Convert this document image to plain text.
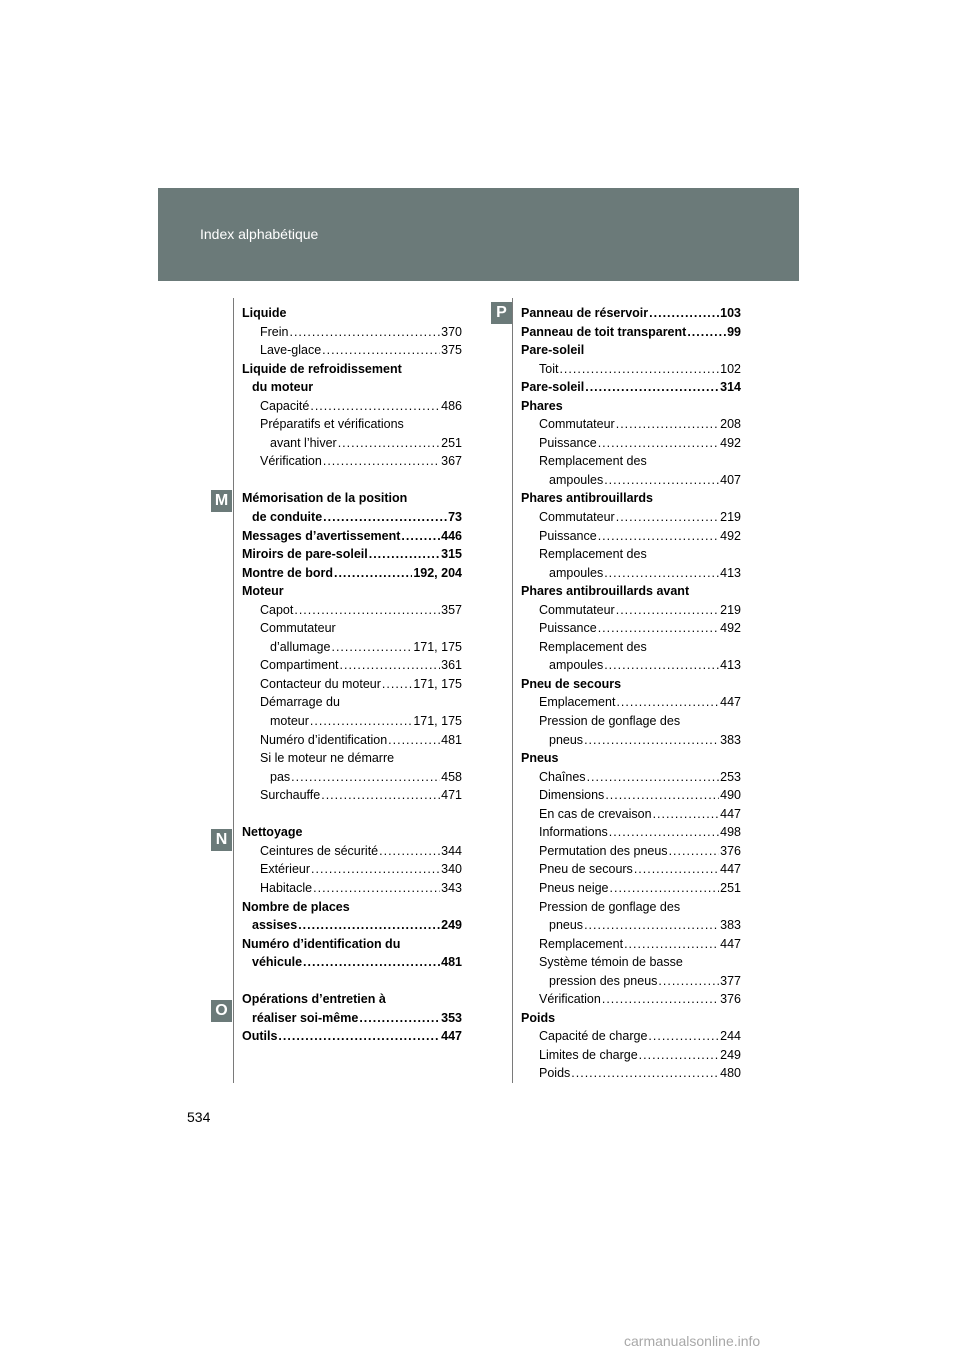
Index alphabétique
M
N
O
P
Liquide
Frein .....	370
Lave-glace .....	375
Liquide de refroidissement
du moteur
Capacité .....	486
Préparatifs et vérifications
avant l’hiver .....	251
Vérification .....	367
Mémorisation de la position
de conduite .....	73
Messages d’avertissement .....	446
Miroirs de pare-soleil .....	315
Montre de bord .....	192, 204
Moteur
Capot .....	357
Commutateur
d’allumage .....	171, 175
Compartiment .....	361
Contacteur du moteur .....	171, 175
Démarrage du
moteur .....	171, 175
Numéro d’identification .....	481
Si le moteur ne démarre
pas .....	458
Surchauffe .....	471
Nettoyage
Ceintures de sécurité .....	344
Extérieur .....	340
Habitacle .....	343
Nombre de places
assises .....	249
Numéro d’identification du
véhicule .....	481
Opérations d’entretien à
réaliser soi-même .....	353
Outils .....	447
Panneau de réservoir .....	103
Panneau de toit transparent .....	99
Pare-soleil
Toit .....	102
Pare-soleil .....	314
Phares
Commutateur .....	208
Puissance .....	492
Remplacement des
ampoules .....	407
Phares antibrouillards
Commutateur .....	219
Puissance .....	492
Remplacement des
ampoules .....	413
Phares antibrouillards avant
Commutateur .....	219
Puissance .....	492
Remplacement des
ampoules .....	413
Pneu de secours
Emplacement .....	447
Pression de gonflage des
pneus .....	383
Pneus
Chaînes .....	253
Dimensions .....	490
En cas de crevaison .....	447
Informations .....	498
Permutation des pneus .....	376
Pneu de secours .....	447
Pneus neige .....	251
Pression de gonflage des
pneus .....	383
Remplacement .....	447
Système témoin de basse
pression des pneus .....	377
Vérification .....	376
Poids
Capacité de charge .....	244
Limites de charge .....	249
Poids .....	480
534
carmanualsonline.info
